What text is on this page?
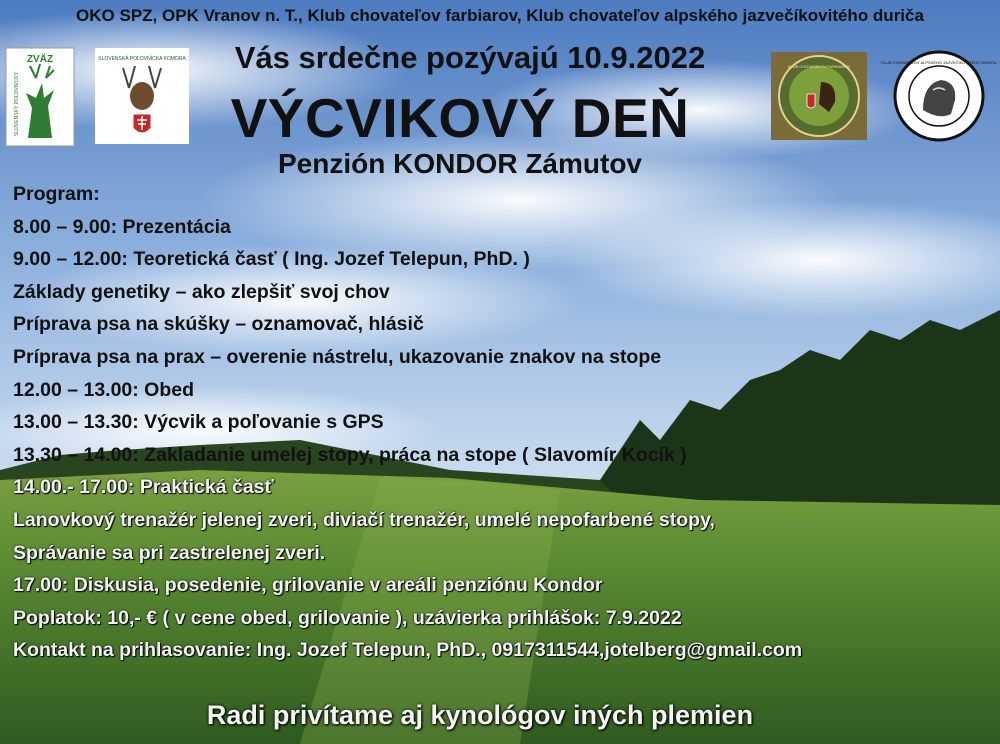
ZVÄZ
SLOVENSKÝ POĽOVNÍCKY
SLOVENSKÁ POĽOVNÍCKA KOMORA
KLUB CHOVATEĽOV FARBIAROV
KLUB CHOVATEĽOV ALPSKÉHO JAZVEČÍKOVITÉHO DURIČA
OKO SPZ, OPK Vranov n. T., Klub chovateľov farbiarov, Klub chovateľov alpského jazvečíkovitého duriča
Vás srdečne pozývajú 10.9.2022
VÝCVIKOVÝ DEŇ
Penzión KONDOR Zámutov
Program:
8.00 – 9.00: Prezentácia
9.00 – 12.00: Teoretická časť ( Ing. Jozef Telepun, PhD. )
Základy genetiky – ako zlepšiť svoj chov
Príprava psa na skúšky – oznamovač, hlásič
Príprava psa na prax – overenie nástrelu, ukazovanie znakov na stope
12.00 – 13.00: Obed
13.00 – 13.30: Výcvik a poľovanie s GPS
13.30 – 14.00: Zakladanie umelej stopy, práca na stope ( Slavomír Kocík )
14.00.- 17.00: Praktická časť
Lanovkový trenažér jelenej zveri, diviačí trenažér, umelé nepofarbené stopy,
Správanie sa pri zastrelenej zveri.
17.00: Diskusia, posedenie, grilovanie v areáli penziónu Kondor
Poplatok: 10,- € ( v cene obed, grilovanie ), uzávierka prihlášok: 7.9.2022
Kontakt na prihlasovanie: Ing. Jozef Telepun, PhD., 0917311544,jotelberg@gmail.com
Radi privítame aj kynológov iných plemien
